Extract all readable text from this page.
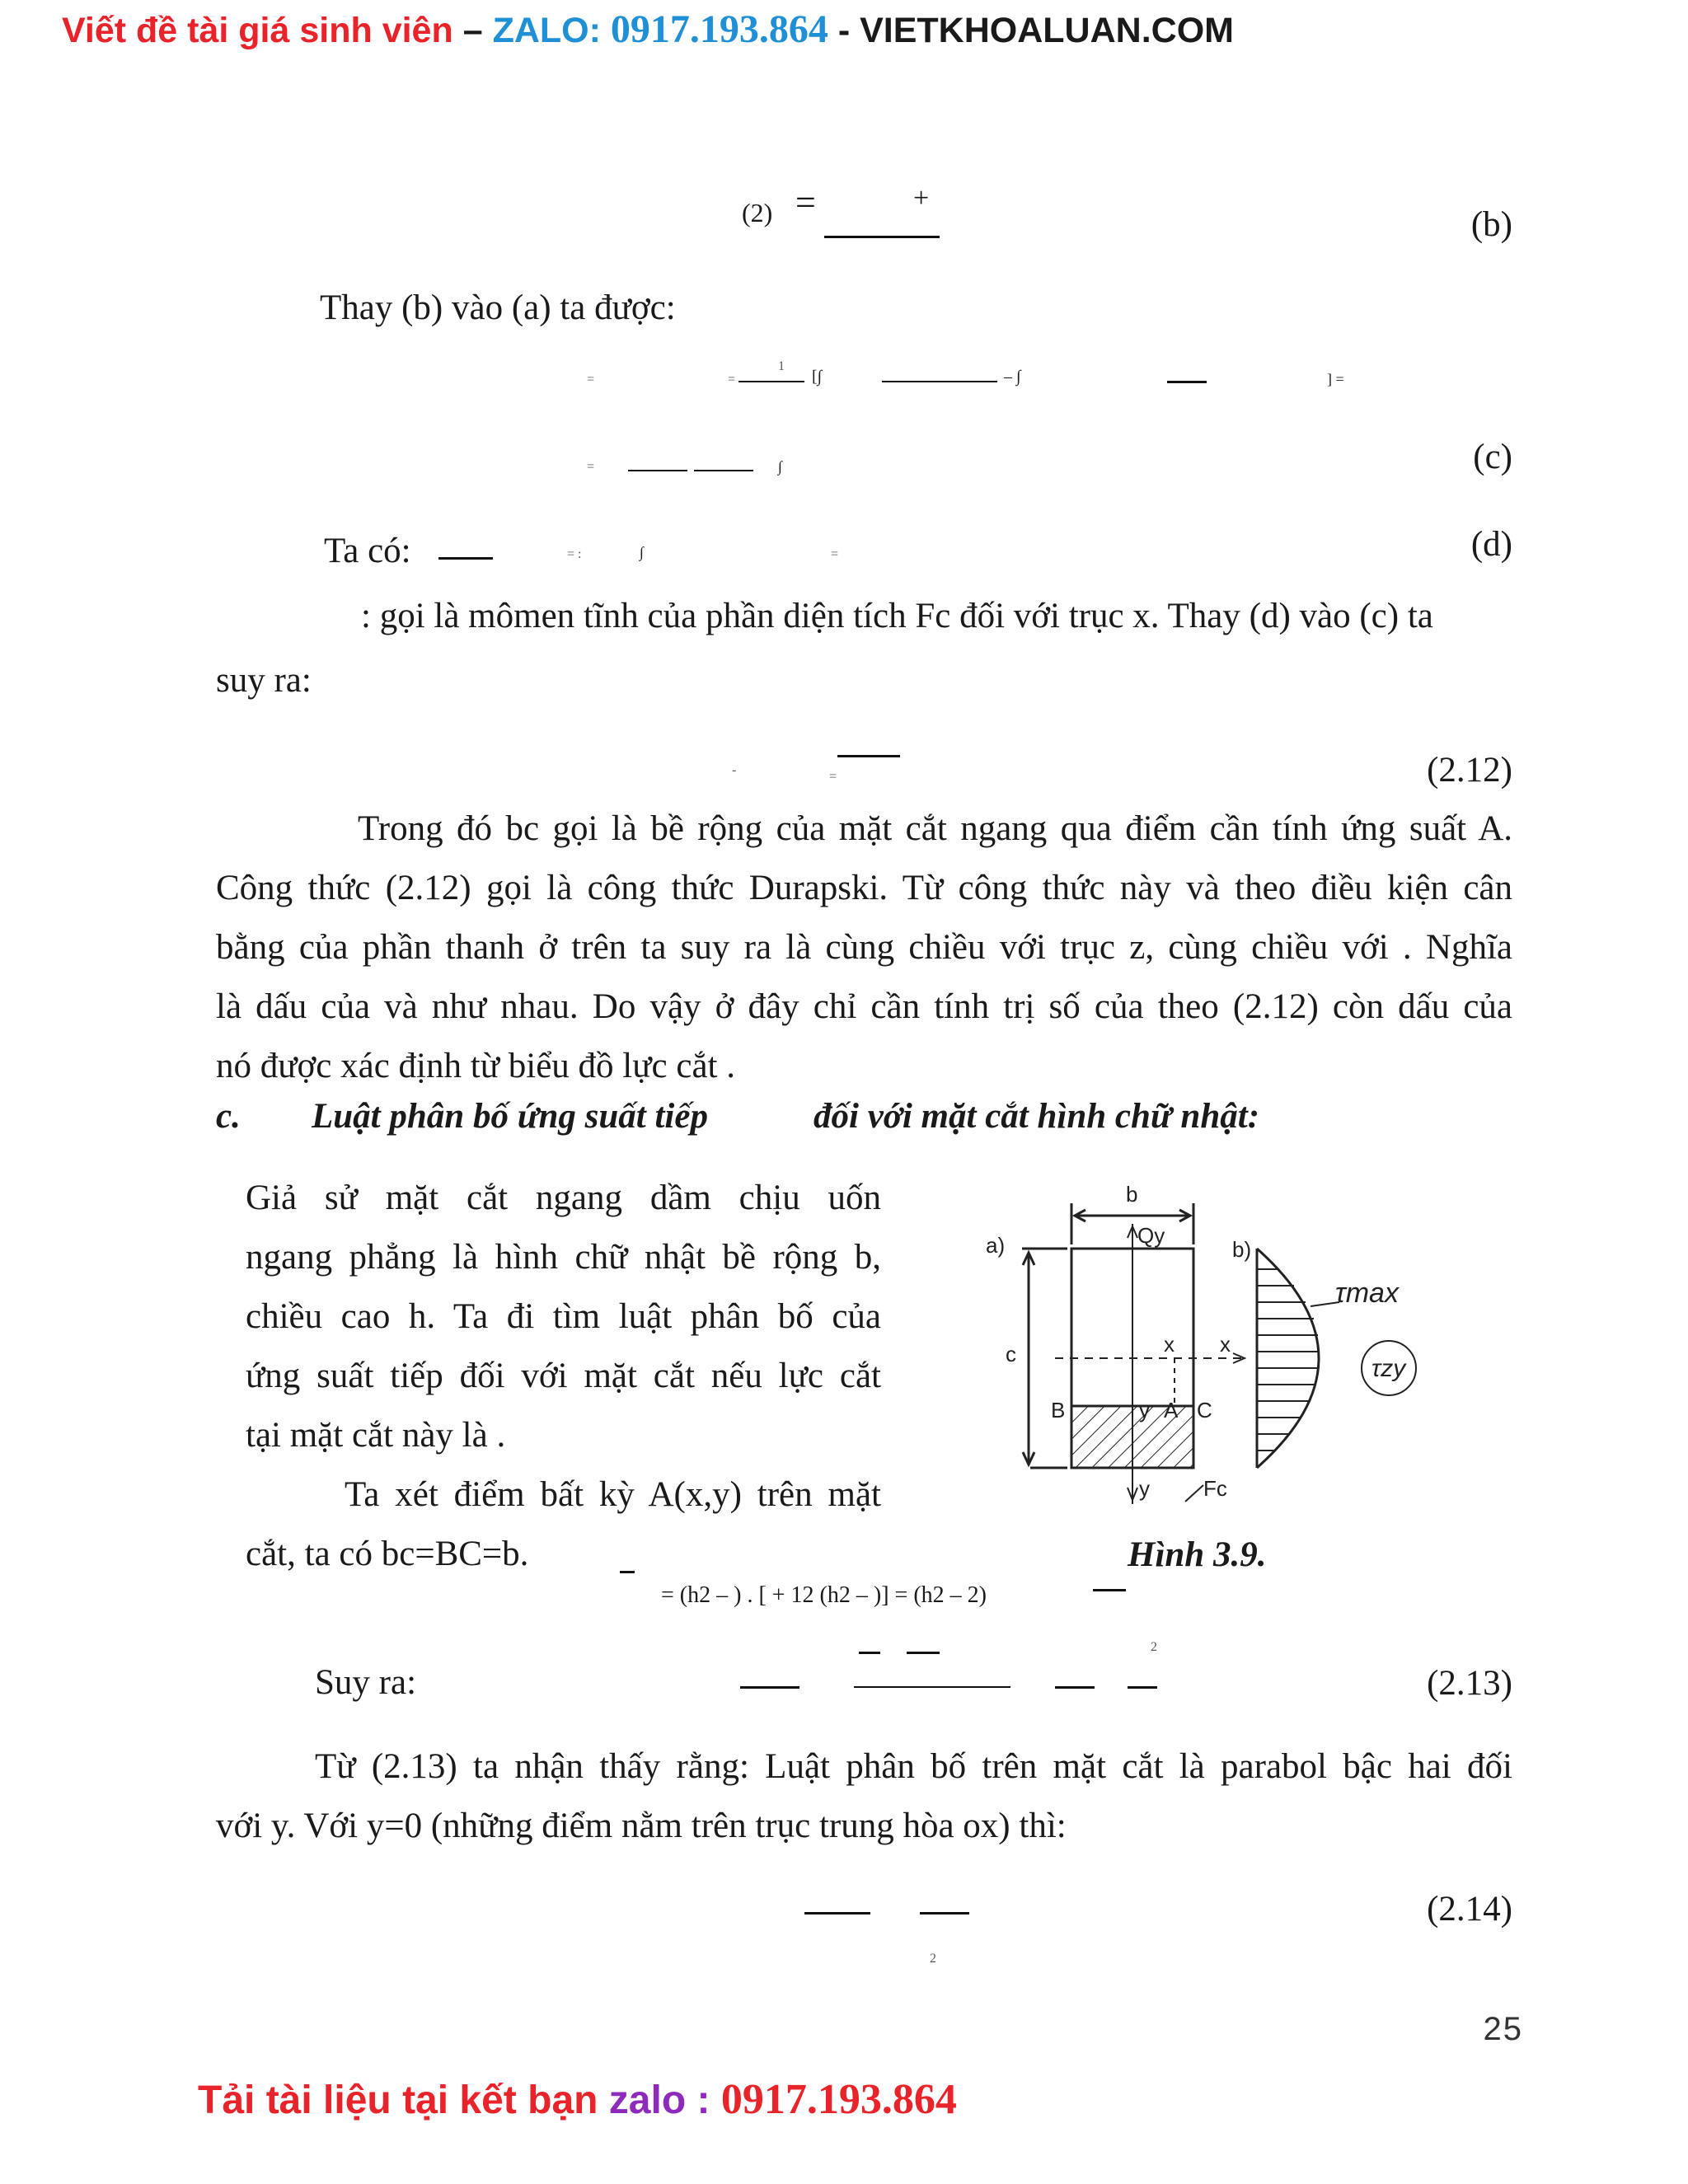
Viết đề tài giá sinh viên – ZALO: 0917.193.864 - VIETKHOALUAN.COM
(2) =	+
(b)
Thay (b) vào (a) ta được:
=	=
1
[∫	– ∫	] =
=	∫	(c)
Ta có:	= :	∫	=	(d)
: gọi là mômen tĩnh của phần diện tích Fc đối với trục x. Thay (d) vào (c) ta
suy ra:
-	=	(2.12)
Trong đó bc gọi là bề rộng của mặt cắt ngang qua điểm cần tính ứng suất A.
Công thức (2.12) gọi là công thức Durapski. Từ công thức này và theo điều kiện cân
bằng của phần thanh ở trên ta suy ra là cùng chiều với trục z, cùng chiều với . Nghĩa
là dấu của và như nhau. Do vậy ở đây chỉ cần tính trị số của theo (2.12) còn dấu của
nó được xác định từ biểu đồ lực cắt .
c. Luật phân bố ứng suất tiếp	đối với mặt cắt hình chữ nhật:
Giả sử mặt cắt ngang dầm chịu uốn
ngang phẳng là hình chữ nhật bề rộng b,
chiều cao h. Ta đi tìm luật phân bố của
ứng suất tiếp đối với mặt cắt nếu lực cắt
tại mặt cắt này là .
Ta xét điểm bất kỳ A(x,y) trên mặt
cắt, ta có bc=BC=b.
a)	b)
b
Qy
c	x x
B	y A C
y	Fc
τmax
τzy
Hình 3.9.
= (h2 – ) . [ + 12 (h2 – )] = (h2 – 2)
Suy ra:
2
(2.13)
Từ (2.13) ta nhận thấy rằng: Luật phân bố trên mặt cắt là parabol bậc hai đối
với y. Với y=0 (những điểm nằm trên trục trung hòa ox) thì:
2
(2.14)
25
Tải tài liệu tại kết bạn zalo : 0917.193.864
